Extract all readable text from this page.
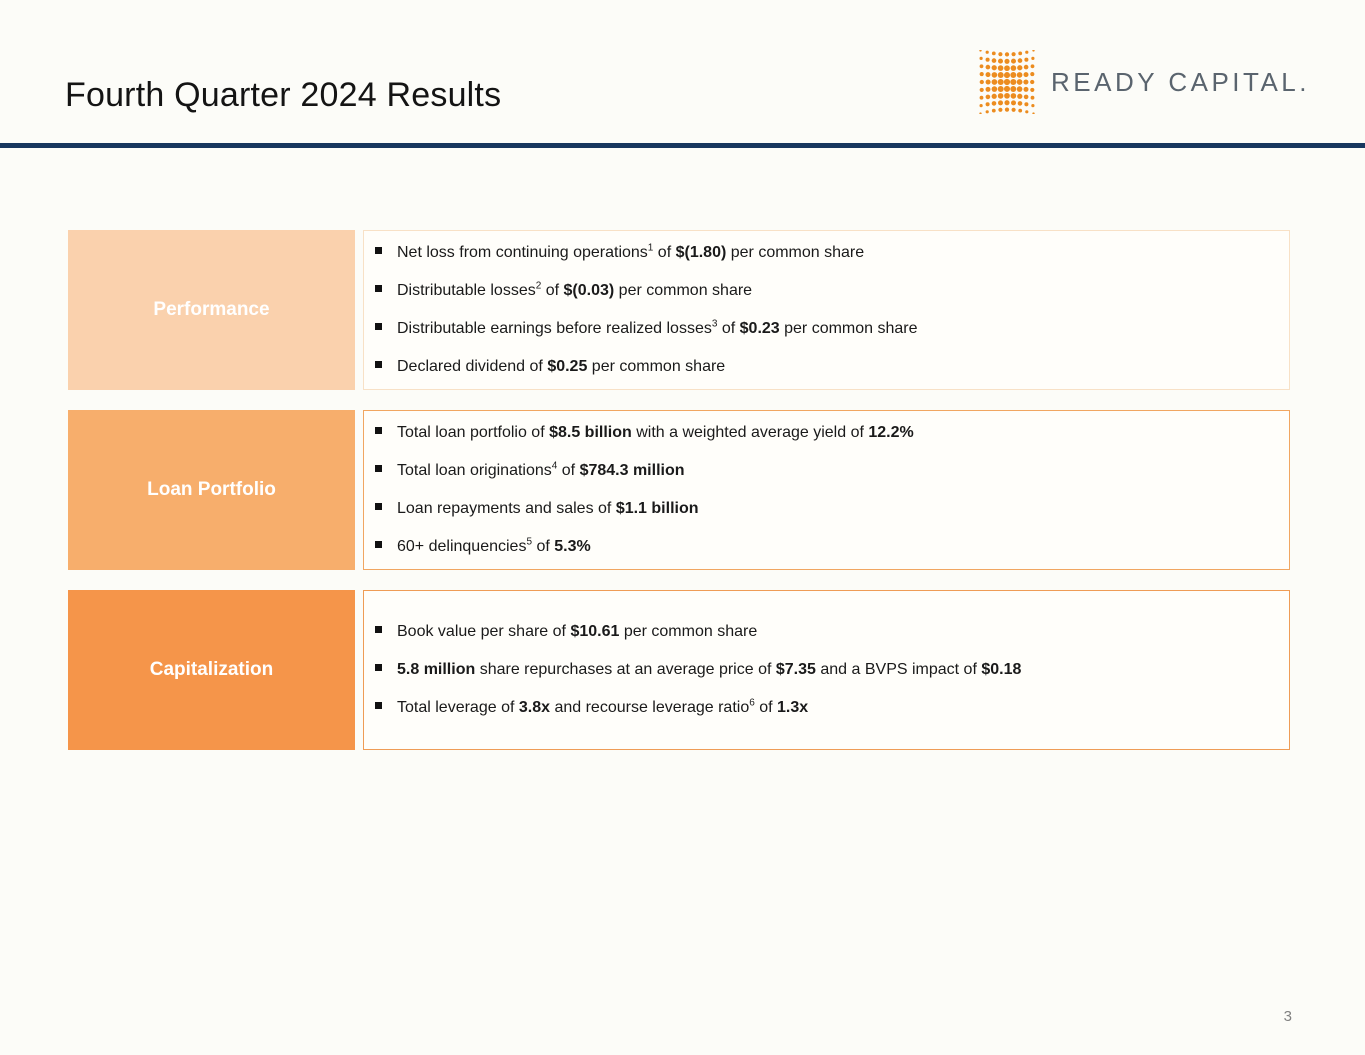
Fourth Quarter 2024 Results	READY CAPITAL.
Performance
Net loss from continuing operations$^1$ of $(1.80) per common share
Distributable losses$^2$ of $(0.03) per common share
Distributable earnings before realized losses$^3$ of $0.23 per common share
Declared dividend of $0.25 per common share
Loan Portfolio
Total loan portfolio of $8.5 billion with a weighted average yield of 12.2%
Total loan originations$^4$ of $784.3 million
Loan repayments and sales of $1.1 billion
60+ delinquencies$^5$ of 5.3%
Capitalization
Book value per share of $10.61 per common share
5.8 million share repurchases at an average price of $7.35 and a BVPS impact of $0.18
Total leverage of 3.8x and recourse leverage ratio$^6$ of 1.3x
3
